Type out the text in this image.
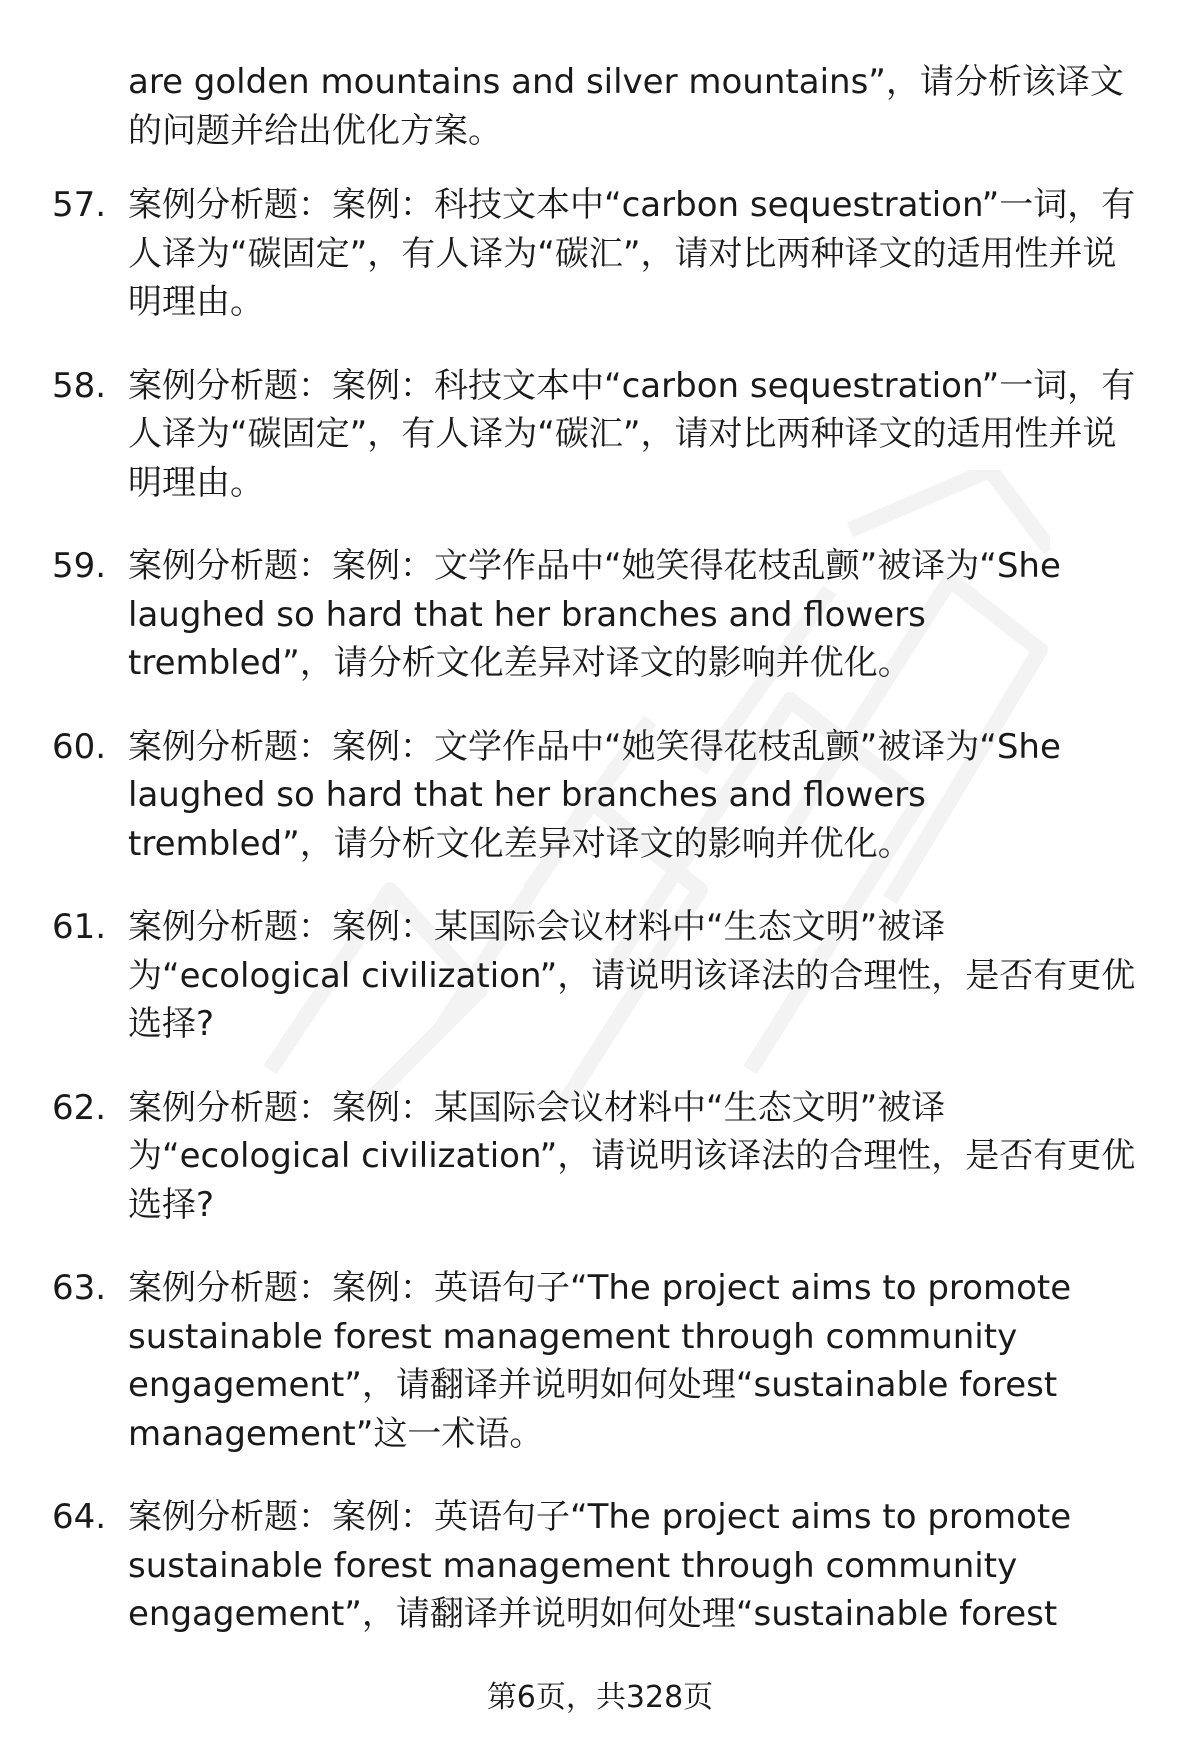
are golden mountains and silver mountains”，请分析该译文的问题并给出优化方案。
57. 案例分析题：案例：科技文本中“carbon sequestration”一词，有人译为“碳固定”，有人译为“碳汇”，请对比两种译文的适用性并说明理由。
58. 案例分析题：案例：科技文本中“carbon sequestration”一词，有人译为“碳固定”，有人译为“碳汇”，请对比两种译文的适用性并说明理由。
59. 案例分析题：案例：文学作品中“她笑得花枝乱颤”被译为“She laughed so hard that her branches and flowers trembled”，请分析文化差异对译文的影响并优化。
60. 案例分析题：案例：文学作品中“她笑得花枝乱颤”被译为“She laughed so hard that her branches and flowers trembled”，请分析文化差异对译文的影响并优化。
61. 案例分析题：案例：某国际会议材料中“生态文明”被译为“ecological civilization”，请说明该译法的合理性，是否有更优选择?
62. 案例分析题：案例：某国际会议材料中“生态文明”被译为“ecological civilization”，请说明该译法的合理性，是否有更优选择?
63. 案例分析题：案例：英语句子“The project aims to promote sustainable forest management through community engagement”，请翻译并说明如何处理“sustainable forest management”这一术语。
64. 案例分析题：案例：英语句子“The project aims to promote sustainable forest management through community engagement”，请翻译并说明如何处理“sustainable forest
第6页，共328页
